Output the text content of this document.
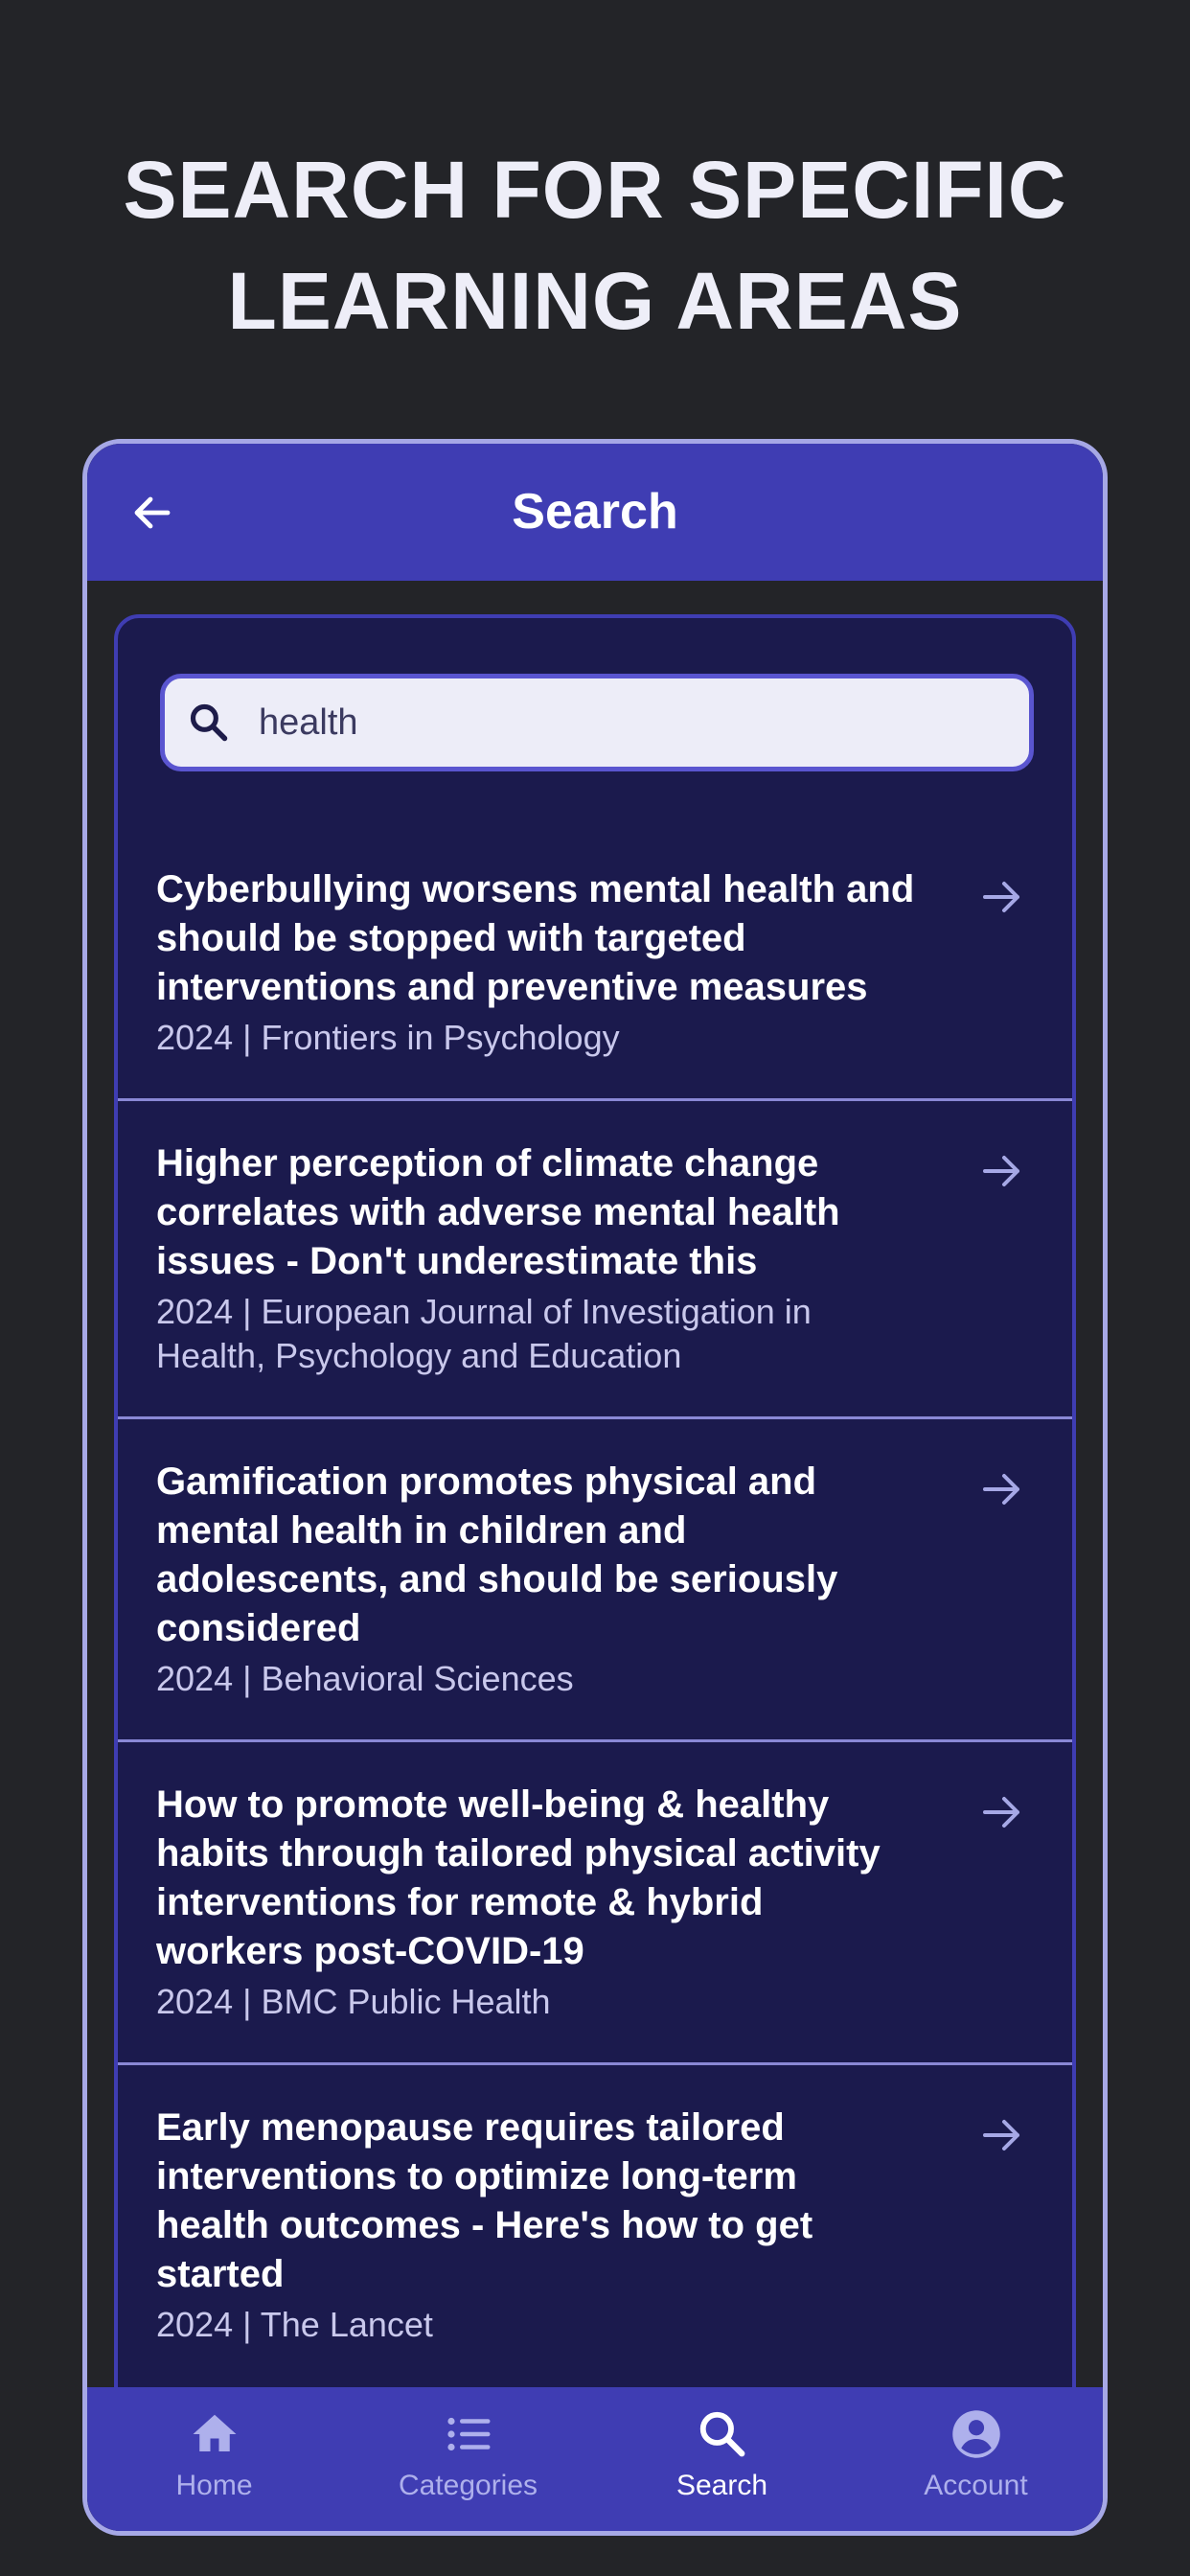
SEARCH FOR SPECIFIC
LEARNING AREAS
Search
health
Cyberbullying worsens mental health and should be stopped with targeted interventions and preventive measures
2024 | Frontiers in Psychology
Higher perception of climate change correlates with adverse mental health issues - Don't underestimate this
2024 | European Journal of Investigation in Health, Psychology and Education
Gamification promotes physical and mental health in children and adolescents, and should be seriously considered
2024 | Behavioral Sciences
How to promote well-being & healthy habits through tailored physical activity interventions for remote & hybrid workers post-COVID-19
2024 | BMC Public Health
Early menopause requires tailored interventions to optimize long-term health outcomes - Here's how to get started
2024 | The Lancet
Home	Categories	Search	Account
